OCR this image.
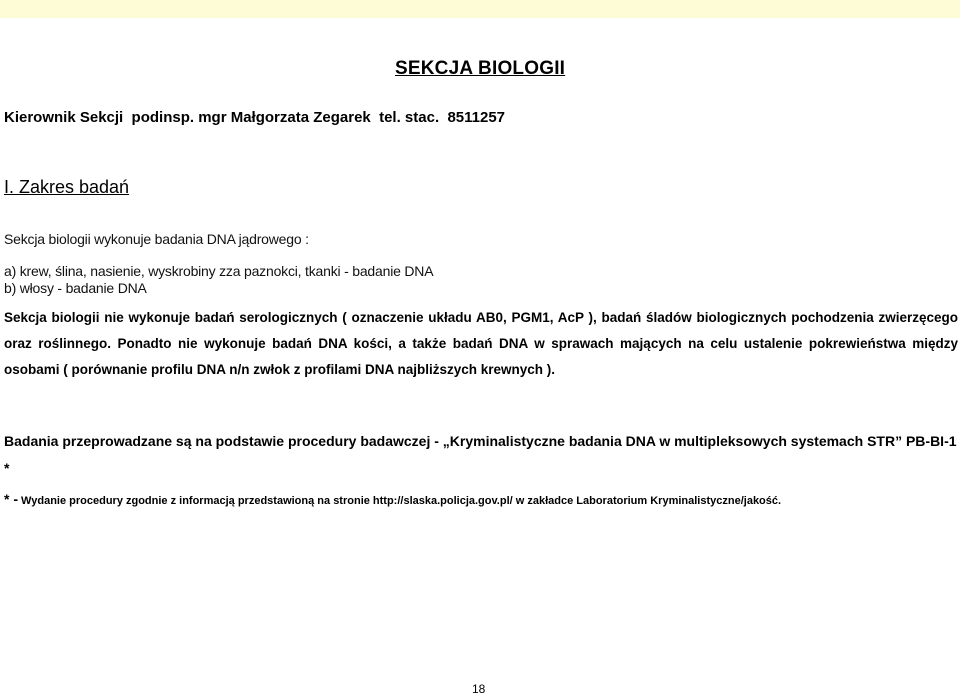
SEKCJA BIOLOGII
Kierownik Sekcji  podinsp. mgr Małgorzata Zegarek  tel. stac.  8511257
I. Zakres badań
Sekcja biologii wykonuje badania DNA jądrowego :
a) krew, ślina, nasienie, wyskrobiny zza paznokci, tkanki - badanie DNA
b) włosy - badanie DNA
Sekcja biologii nie wykonuje badań serologicznych ( oznaczenie układu AB0, PGM1, AcP ), badań śladów biologicznych pochodzenia zwierzęcego oraz roślinnego. Ponadto nie wykonuje badań DNA kości, a także badań DNA w sprawach mających na celu ustalenie pokrewieństwa między osobami ( porównanie profilu DNA n/n zwłok z profilami DNA najbliższych krewnych ).
Badania przeprowadzane są na podstawie procedury badawczej - „Kryminalistyczne badania DNA w multipleksowych systemach STR” PB-BI-1 *
* - Wydanie procedury zgodnie z informacją przedstawioną na stronie http://slaska.policja.gov.pl/ w zakładce Laboratorium Kryminalistyczne/jakość.
18
